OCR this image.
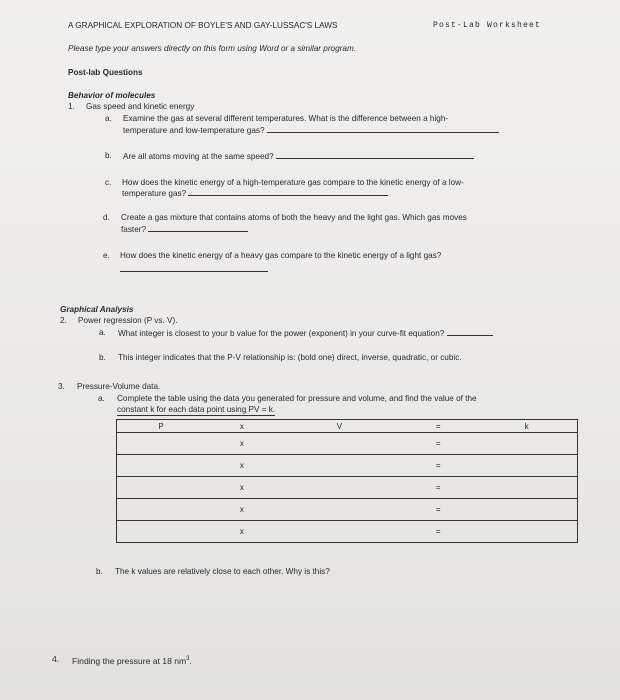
A GRAPHICAL EXPLORATION OF BOYLE'S AND GAY-LUSSAC'S LAWS	Post-Lab Worksheet
Please type your answers directly on this form using Word or a similar program.
Post-lab Questions
Behavior of molecules
1. Gas speed and kinetic energy
a. Examine the gas at several different temperatures. What is the difference between a high-
temperature and low-temperature gas?
b. Are all atoms moving at the same speed?
c. How does the kinetic energy of a high-temperature gas compare to the kinetic energy of a low-
temperature gas?
d. Create a gas mixture that contains atoms of both the heavy and the light gas. Which gas moves
faster?
e. How does the kinetic energy of a heavy gas compare to the kinetic energy of a light gas?
Graphical Analysis
2. Power regression (P vs. V).
a. What integer is closest to your b value for the power (exponent) in your curve-fit equation?
b. This integer indicates that the P-V relationship is: (bold one) direct, inverse, quadratic, or cubic.
3. Pressure-Volume data.
a. Complete the table using the data you generated for pressure and volume, and find the value of the
constant k for each data point using PV = k.
P	x	V	=	k
	x		=	
	x		=	
	x		=	
	x		=	
	x		=	
b. The k values are relatively close to each other. Why is this?
4. Finding the pressure at 18 $nm^3$.
